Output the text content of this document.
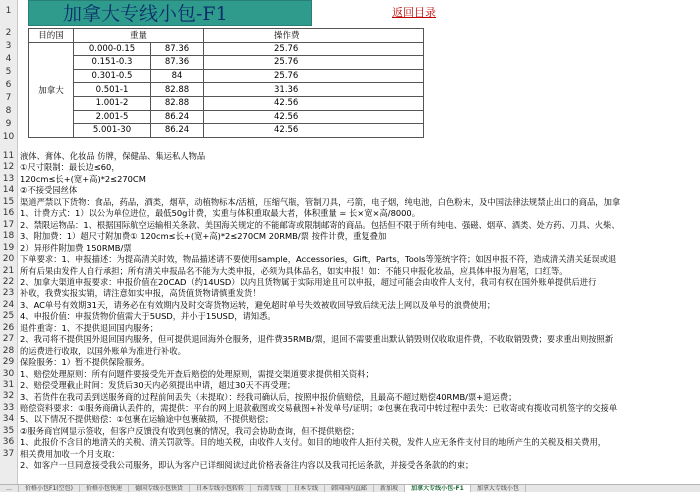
1
2
3
4
5
6
7
8
9
10
11
12
13
14
15
16
17
18
19
20
21
22
23
24
25
26
27
28
29
30
31
32
33
34
35
36
37
加拿大专线小包-F1	返回目录
目的国	重量		操作费
加拿大	0.000-0.15	87.36	25.76
	0.151-0.3	87.36	25.76
	0.301-0.5	84	25.76
	0.501-1	82.88	31.36
	1.001-2	82.88	42.56
	2.001-5	86.24	42.56
	5.001-30	86.24	42.56
液体、膏体、化妆品 仿牌，保健品、集运私人物品
①尺寸限制：最长边≤60，
120cm≤长+(宽+高)*2≤270CM
②不接受园丝体
渠道严禁以下货物：食品，药品，酒类，烟草，动植物标本/活植，压缩气瓶，管制刀具，弓箭，电子烟，纯电池，白色粉末，及中国法律法规禁止出口的商品，加拿
1、计费方式：1）以公为单位进位，最低50g计费，实重与体积重取最大者，体积重量 = 长×宽×高/8000。
2、禁限运物品：1、根据国际航空运输相关条款、美国海关规定的不能邮寄或限制邮寄的商品。包括但不限于所有纯电、强磁、烟草、酒类、处方药、刀具、火柴、
3、附加费：1）超尺寸附加费① 120cm≤长+(宽+高)*2≤270CM 20RMB/票 按件计费，重复叠加
2）异形件附加费 150RMB/票
下单要求：1、申报描述：为提高清关时效，物品描述请不要使用sample，Accessories，Gift，Parts，Tools等笼统字符；如因申报不符，造成清关清关延误或退
所有后果由发件人自行承担；所有清关申报品名不能为大类申报，必须为具体品名，如实申报！如：不能只申报化妆品，应具体申报为眉笔，口红等。
2、加拿大渠道申报要求：申报价值在20CAD（约14USD）以内且货物属于实际用途且可以申报，超过可能会由收件人支付，我司有权在国外账单提供后进行
补收，我费实报实销，请注意如实申报，高货值货物请慎重发货！
3、AC单号有效期31天，请务必在有效期内及时交寄货物运转，避免超时单号失效被收回导致后续无法上网以及单号的浪费使用；
4、申报价值：申报货物价值需大于5USD，并小于15USD，请知悉。
退件重寄：1、不提供退回国内服务；
2、我司将不提供国外退回国内服务，但可提供退回海外仓服务，退件费35RMB/票，退回不需要重出默认销毁则仅收取退件费，不收取销毁费；要求重出则按照新
的运费进行收取，以国外账单为准进行补收。
保险服务：1）暂不提供保险服务。
1、赔偿处理原则：所有问题件要接受先开查后赔偿的处理原则，需提交渠道要求提供相关资料；
2、赔偿受理截止时间：发货后30天内必须提出申请，超过30天不再受理；
3、若货件在我司丢到送服务商的过程前间丢失（未提取）：经我司确认后，按照申报价值赔偿，且最高不超过赔偿40RMB/票+退运费；
赔偿资料要求：①服务商确认丢件的，需提供：平台的网上退款截图或交易截图+补发单号/证明；②包裹在我司中转过程中丢失：已收寄或有揽收司机签字的交接单
5、以下情况不提供赔偿：①包裹在运输途中包裹破损，不提供赔偿；
②服务商官网显示签收，但客户反馈没有收到包裹的情况，我司会协助查询，但不提供赔偿；
1、此报价不含目的地清关的关税、清关罚款等。目的地关税，由收件人支付。如目的地收件人拒付关税，发件人应无条件支付目的地所产生的关税及相关费用，
相关费用加收一个月支取：
2、如客户一旦同意接受我公司服务，即认为客户已详细阅读过此价格表备注内容以及我司托运条款，并接受各条款的约束；
… 价格小包F1(空包) 价格小包快速 德国专线小包快货 日本专线小包转转 台湾专线 日本专线 韩国国内直邮 新加坡 加拿大专线小包-F1 加拿大专线小包
